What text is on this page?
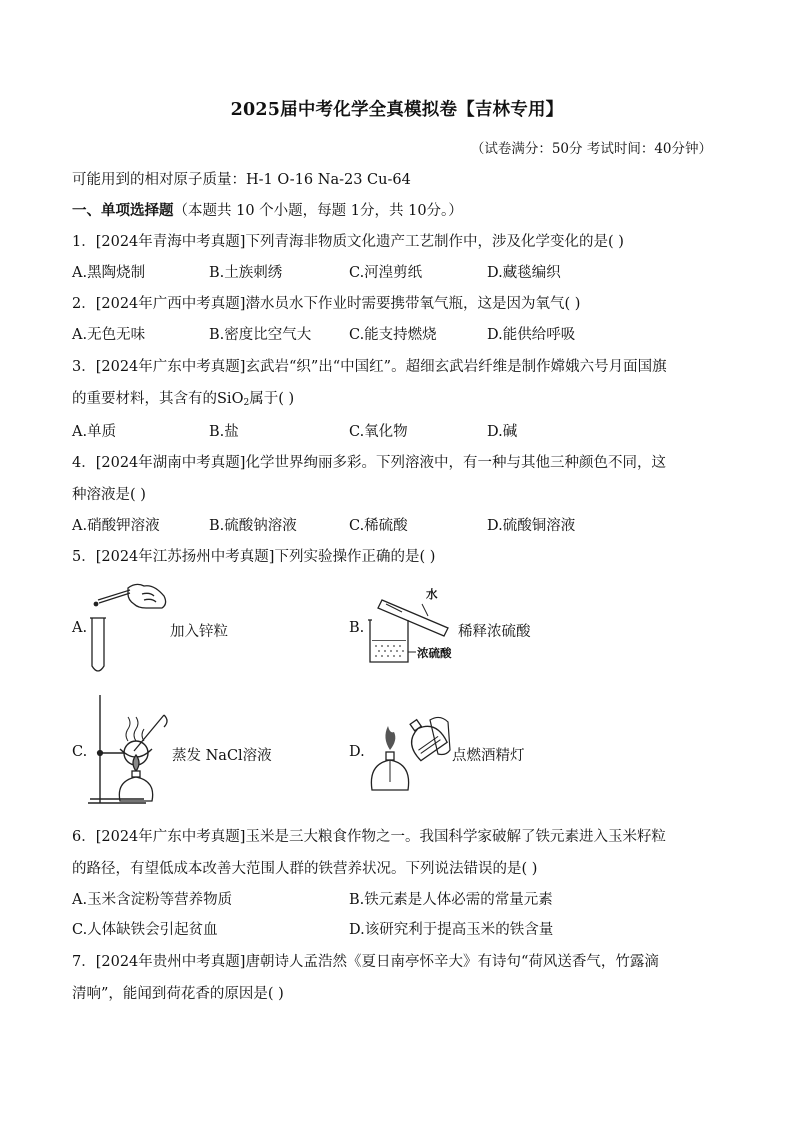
2025届中考化学全真模拟卷【吉林专用】
（试卷满分：50分 考试时间：40分钟）
可能用到的相对原子质量：H-1 O-16 Na-23 Cu-64
一、单项选择题（本题共 10 个小题，每题 1分，共 10分。）
1．[2024年青海中考真题]下列青海非物质文化遗产工艺制作中，涉及化学变化的是( )
A.黑陶烧制	B.土族刺绣	C.河湟剪纸	D.藏毯编织
2．[2024年广西中考真题]潜水员水下作业时需要携带氧气瓶，这是因为氧气( )
A.无色无味	B.密度比空气大	C.能支持燃烧	D.能供给呼吸
3．[2024年广东中考真题]玄武岩“织”出“中国红”。超细玄武岩纤维是制作嫦娥六号月面国旗
的重要材料，其含有的SiO$_2$属于( )
A.单质	B.盐	C.氧化物	D.碱
4．[2024年湖南中考真题]化学世界绚丽多彩。下列溶液中，有一种与其他三种颜色不同，这
种溶液是( )
A.硝酸钾溶液	B.硫酸钠溶液	C.稀硫酸	D.硫酸铜溶液
5．[2024年江苏扬州中考真题]下列实验操作正确的是( )
A.	加入锌粒	B.
水
浓硫酸
稀释浓硫酸
C.	蒸发 NaCl溶液	D.	点燃酒精灯
6．[2024年广东中考真题]玉米是三大粮食作物之一。我国科学家破解了铁元素进入玉米籽粒
的路径，有望低成本改善大范围人群的铁营养状况。下列说法错误的是( )
A.玉米含淀粉等营养物质	B.铁元素是人体必需的常量元素
C.人体缺铁会引起贫血	D.该研究利于提高玉米的铁含量
7．[2024年贵州中考真题]唐朝诗人孟浩然《夏日南亭怀辛大》有诗句“荷风送香气，竹露滴
清响”，能闻到荷花香的原因是( )
